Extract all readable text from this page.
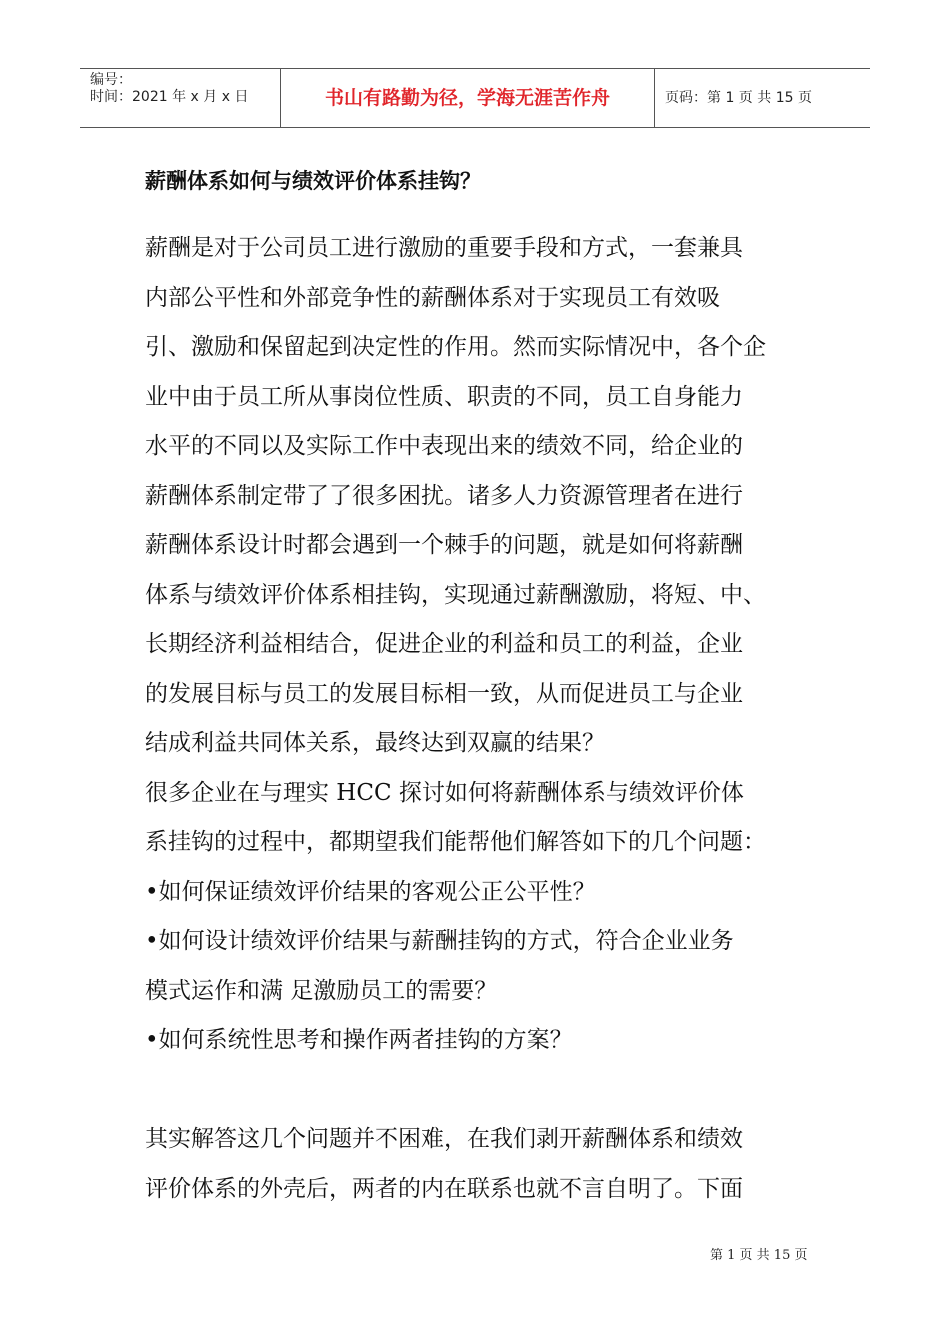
编号：
时间：2021 年 x 月 x 日	书山有路勤为径，学海无涯苦作舟	页码：第 1 页 共 15 页
薪酬体系如何与绩效评价体系挂钩？
薪酬是对于公司员工进行激励的重要手段和方式，一套兼具
内部公平性和外部竞争性的薪酬体系对于实现员工有效吸
引、激励和保留起到决定性的作用。然而实际情况中，各个企
业中由于员工所从事岗位性质、职责的不同，员工自身能力
水平的不同以及实际工作中表现出来的绩效不同，给企业的
薪酬体系制定带了了很多困扰。诸多人力资源管理者在进行
薪酬体系设计时都会遇到一个棘手的问题，就是如何将薪酬
体系与绩效评价体系相挂钩，实现通过薪酬激励，将短、中、
长期经济利益相结合，促进企业的利益和员工的利益，企业
的发展目标与员工的发展目标相一致，从而促进员工与企业
结成利益共同体关系，最终达到双赢的结果？
很多企业在与理实 HCC 探讨如何将薪酬体系与绩效评价体
系挂钩的过程中，都期望我们能帮他们解答如下的几个问题：
•如何保证绩效评价结果的客观公正公平性？
•如何设计绩效评价结果与薪酬挂钩的方式，符合企业业务
模式运作和满 足激励员工的需要？
•如何系统性思考和操作两者挂钩的方案？
其实解答这几个问题并不困难，在我们剥开薪酬体系和绩效
评价体系的外壳后，两者的内在联系也就不言自明了。下面
第 1 页 共 15 页
